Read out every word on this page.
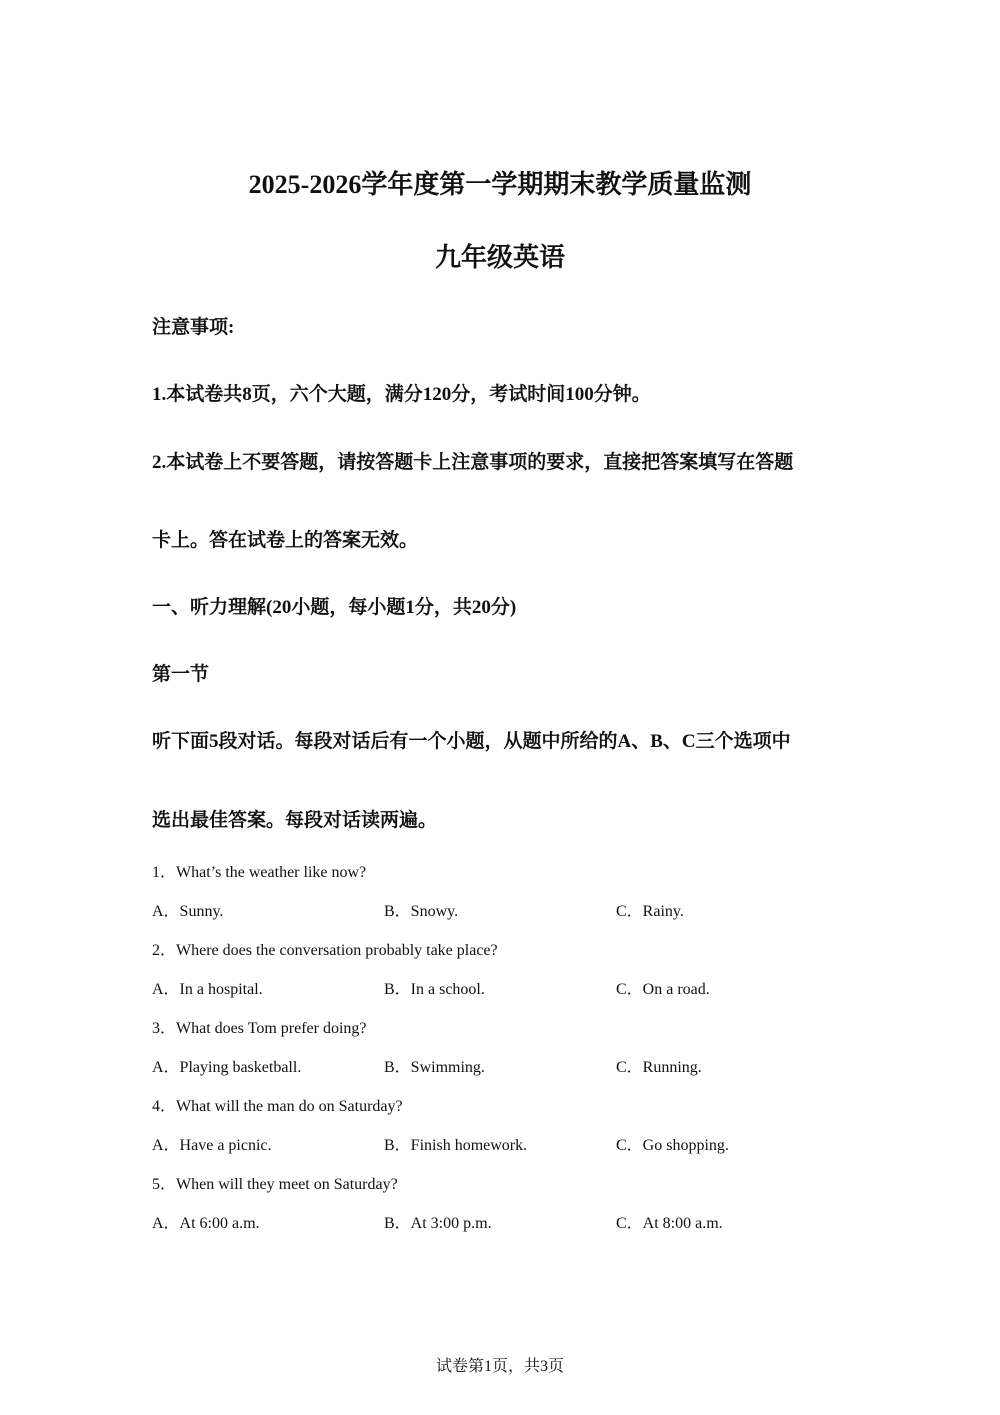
2025-2026学年度第一学期期末教学质量监测
九年级英语
注意事项:
1.本试卷共8页，六个大题，满分120分，考试时间100分钟。
2.本试卷上不要答题，请按答题卡上注意事项的要求，直接把答案填写在答题
卡上。答在试卷上的答案无效。
一、听力理解(20小题，每小题1分，共20分)
第一节
听下面5段对话。每段对话后有一个小题，从题中所给的A、B、C三个选项中
选出最佳答案。每段对话读两遍。
1．What’s the weather like now?
A．Sunny.	B．Snowy.	C．Rainy.
2．Where does the conversation probably take place?
A．In a hospital.	B．In a school.	C．On a road.
3．What does Tom prefer doing?
A．Playing basketball.	B．Swimming.	C．Running.
4．What will the man do on Saturday?
A．Have a picnic.	B．Finish homework.	C．Go shopping.
5．When will they meet on Saturday?
A．At 6:00 a.m.	B．At 3:00 p.m.	C．At 8:00 a.m.
试卷第1页，共3页
